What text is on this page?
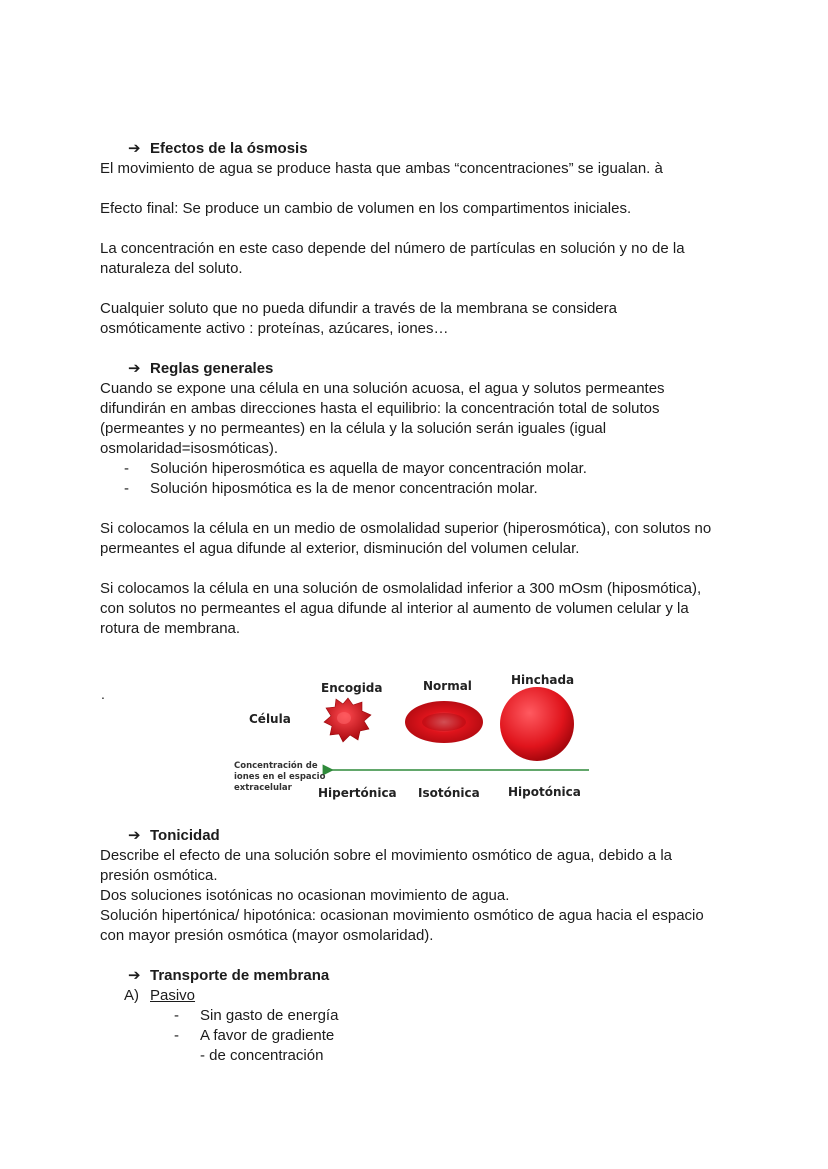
➔ Efectos de la ósmosis

El movimiento de agua se produce hasta que ambas “concentraciones” se igualan. à

Efecto final: Se produce un cambio de volumen en los compartimentos iniciales.

La concentración en este caso depende del número de partículas en solución y no de la

naturaleza del soluto.

Cualquier soluto que no pueda difundir a través de la membrana se considera

osmóticamente activo : proteínas, azúcares, iones…

➔ Reglas generales

Cuando se expone una célula en una solución acuosa, el agua y solutos permeantes

difundirán en ambas direcciones hasta el equilibrio: la concentración total de solutos

(permeantes y no permeantes) en la célula y la solución serán iguales (igual

osmolaridad=isosmóticas).

- Solución hiperosmótica es aquella de mayor concentración molar.
- Solución hiposmótica es la de menor concentración molar.

Si colocamos la célula en un medio de osmolalidad superior (hiperosmótica), con solutos no

permeantes el agua difunde al exterior, disminución del volumen celular.

Si colocamos la célula en una solución de osmolalidad inferior a 300 mOsm (hiposmótica),

con solutos no permeantes el agua difunde al interior al aumento de volumen celular y la

rotura de membrana.

.	Encogida	Normal	Hinchada
Célula
Concentración de
iones en el espacio
extracelular	Hipertónica Isotónica Hipotónica
➔ Tonicidad

Describe el efecto de una solución sobre el movimiento osmótico de agua, debido a la

presión osmótica.

Dos soluciones isotónicas no ocasionan movimiento de agua.

Solución hipertónica/ hipotónica: ocasionan movimiento osmótico de agua hacia el espacio

con mayor presión osmótica (mayor osmolaridad).

➔ Transporte de membrana
A) Pasivo
- Sin gasto de energía
- A favor de gradiente
- de concentración
